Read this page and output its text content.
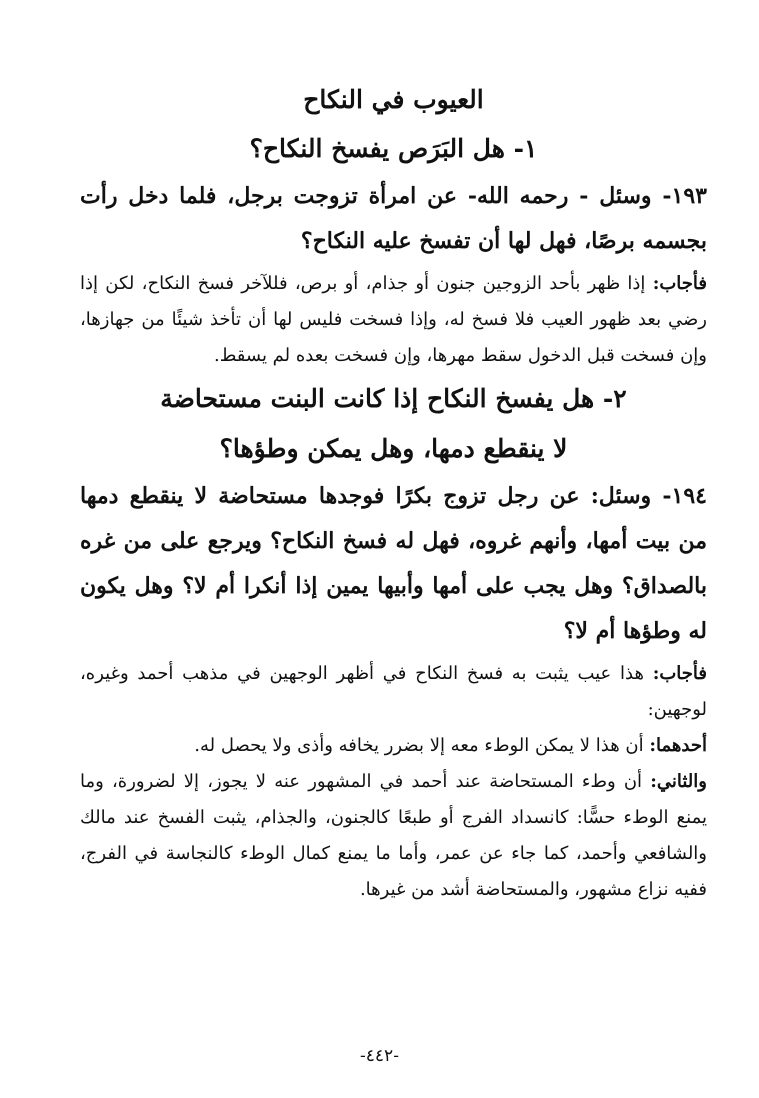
العيوب في النكاح
١- هل البَرَص يفسخ النكاح؟

١٩٣- وسئل - رحمه الله- عن امرأة تزوجت برجل، فلما دخل رأت بجسمه برصًا، فهل لها أن تفسخ عليه النكاح؟

فأجاب: إذا ظهر بأحد الزوجين جنون أو جذام، أو برص، فللآخر فسخ النكاح، لكن إذا رضي بعد ظهور العيب فلا فسخ له، وإذا فسخت فليس لها أن تأخذ شيئًا من جهازها، وإن فسخت قبل الدخول سقط مهرها، وإن فسخت بعده لم يسقط.

٢- هل يفسخ النكاح إذا كانت البنت مستحاضة
لا ينقطع دمها، وهل يمكن وطؤها؟

١٩٤- وسئل: عن رجل تزوج بكرًا فوجدها مستحاضة لا ينقطع دمها من بيت أمها، وأنهم غروه، فهل له فسخ النكاح؟ ويرجع على من غره بالصداق؟ وهل يجب على أمها وأبيها يمين إذا أنكرا أم لا؟ وهل يكون له وطؤها أم لا؟

فأجاب: هذا عيب يثبت به فسخ النكاح في أظهر الوجهين في مذهب أحمد وغيره، لوجهين:

أحدهما: أن هذا لا يمكن الوطء معه إلا بضرر يخافه وأذى ولا يحصل له.

والثاني: أن وطء المستحاضة عند أحمد في المشهور عنه لا يجوز، إلا لضرورة، وما يمنع الوطء حسًّا: كانسداد الفرج أو طبعًا كالجنون، والجذام، يثبت الفسخ عند مالك والشافعي وأحمد، كما جاء عن عمر، وأما ما يمنع كمال الوطء كالنجاسة في الفرج، ففيه نزاع مشهور، والمستحاضة أشد من غيرها.

-٤٤٢-
